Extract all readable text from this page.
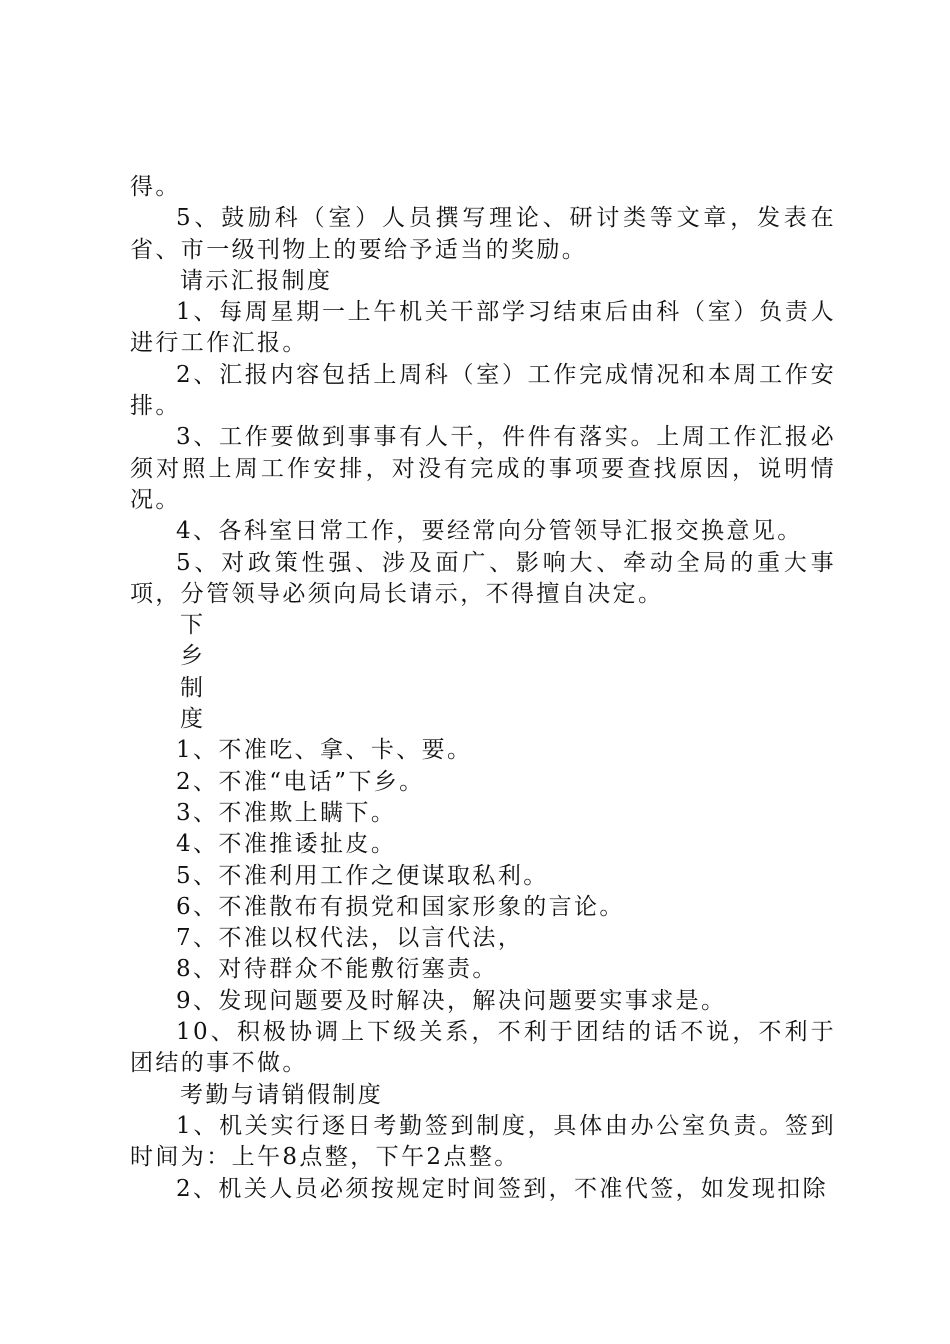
得。

5、鼓励科（室）人员撰写理论、研讨类等文章，发表在省、市一级刊物上的要给予适当的奖励。

请示汇报制度

1、每周星期一上午机关干部学习结束后由科（室）负责人进行工作汇报。

2、汇报内容包括上周科（室）工作完成情况和本周工作安排。

3、工作要做到事事有人干，件件有落实。上周工作汇报必须对照上周工作安排，对没有完成的事项要查找原因，说明情况。

4、各科室日常工作，要经常向分管领导汇报交换意见。

5、对政策性强、涉及面广、影响大、牵动全局的重大事项，分管领导必须向局长请示，不得擅自决定。

下
乡
制
度

1、不准吃、拿、卡、要。

2、不准“电话”下乡。

3、不准欺上瞒下。

4、不准推诿扯皮。

5、不准利用工作之便谋取私利。

6、不准散布有损党和国家形象的言论。

7、不准以权代法，以言代法，

8、对待群众不能敷衍塞责。

9、发现问题要及时解决，解决问题要实事求是。

10、积极协调上下级关系，不利于团结的话不说，不利于团结的事不做。

考勤与请销假制度

1、机关实行逐日考勤签到制度，具体由办公室负责。签到时间为：上午8点整，下午2点整。

2、机关人员必须按规定时间签到，不准代签，如发现扣除
